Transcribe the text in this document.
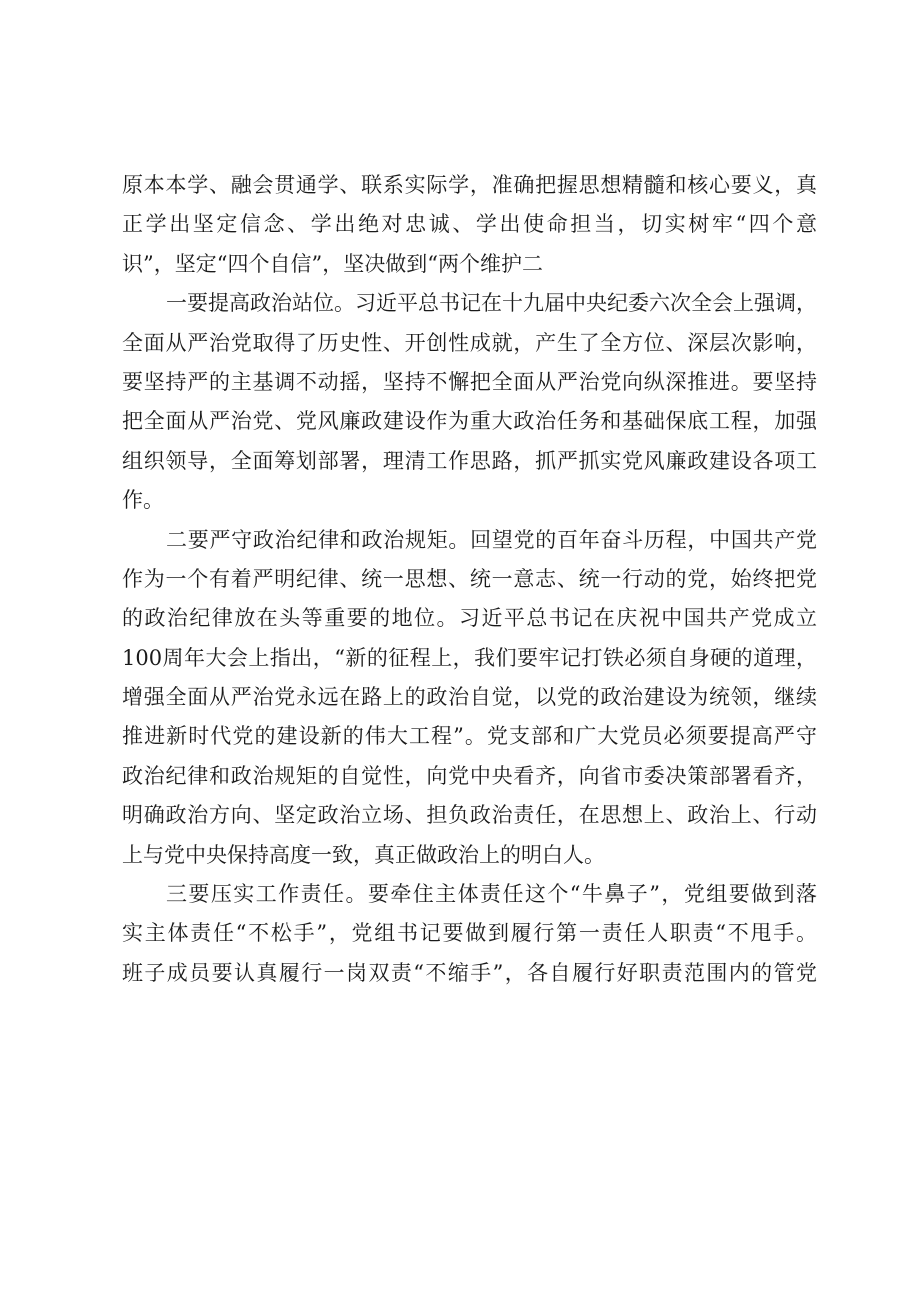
原本本学、融会贯通学、联系实际学，准确把握思想精髓和核心要义，真
正学出坚定信念、学出绝对忠诚、学出使命担当，切实树牢“四个意
识”，坚定“四个自信”，坚决做到“两个维护二
一要提高政治站位。习近平总书记在十九届中央纪委六次全会上强调，
全面从严治党取得了历史性、开创性成就，产生了全方位、深层次影响，
要坚持严的主基调不动摇，坚持不懈把全面从严治党向纵深推进。要坚持
把全面从严治党、党风廉政建设作为重大政治任务和基础保底工程，加强
组织领导，全面筹划部署，理清工作思路，抓严抓实党风廉政建设各项工
作。
二要严守政治纪律和政治规矩。回望党的百年奋斗历程，中国共产党
作为一个有着严明纪律、统一思想、统一意志、统一行动的党，始终把党
的政治纪律放在头等重要的地位。习近平总书记在庆祝中国共产党成立
100周年大会上指出，“新的征程上，我们要牢记打铁必须自身硬的道理，
增强全面从严治党永远在路上的政治自觉，以党的政治建设为统领，继续
推进新时代党的建设新的伟大工程”。党支部和广大党员必须要提高严守
政治纪律和政治规矩的自觉性，向党中央看齐，向省市委决策部署看齐，
明确政治方向、坚定政治立场、担负政治责任，在思想上、政治上、行动
上与党中央保持高度一致，真正做政治上的明白人。
三要压实工作责任。要牵住主体责任这个“牛鼻子”，党组要做到落
实主体责任“不松手”，党组书记要做到履行第一责任人职责“不甩手。
班子成员要认真履行一岗双责“不缩手”，各自履行好职责范围内的管党
